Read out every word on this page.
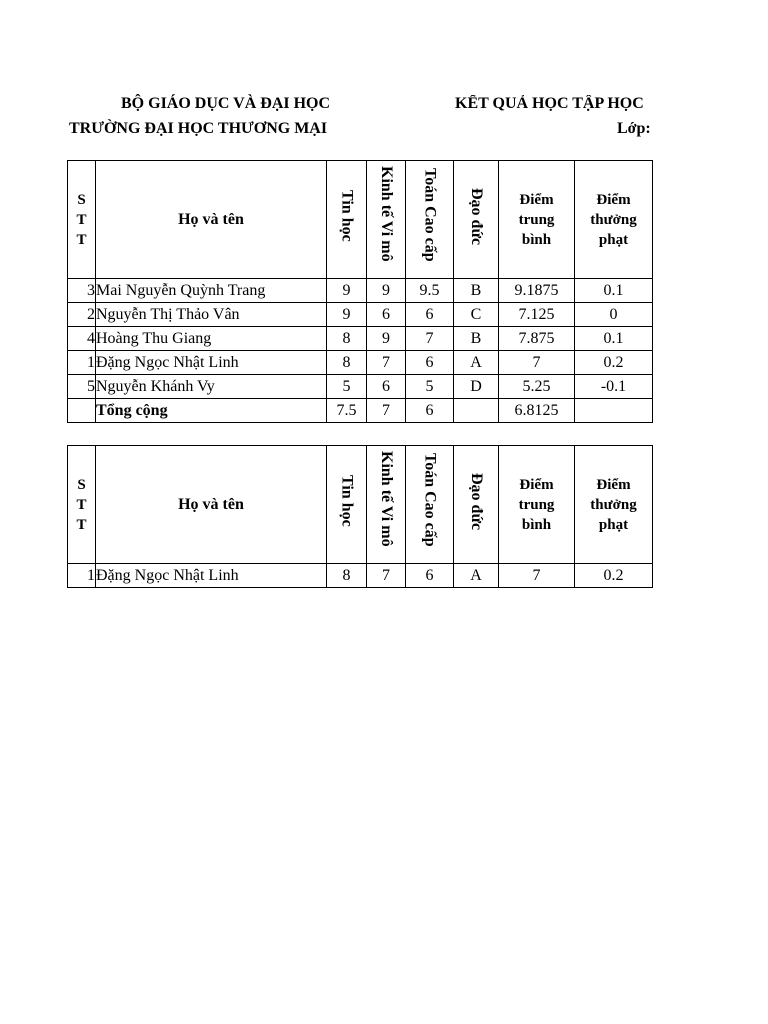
BỘ GIÁO DỤC VÀ ĐẠI HỌC
TRƯỜNG ĐẠI HỌC THƯƠNG MẠI
KẾT QUẢ HỌC TẬP HỌC
Lớp:
S T T	Họ và tên	Tin học	Kinh tế Vi mô	Toán Cao cấp	Đạo đức	Điểm trung bình	Điểm thưởng phạt
3	Mai Nguyễn Quỳnh Trang	9	9	9.5	B	9.1875	0.1
2	Nguyễn Thị Thảo Vân	9	6	6	C	7.125	0
4	Hoàng Thu Giang	8	9	7	B	7.875	0.1
1	Đặng Ngọc Nhật Linh	8	7	6	A	7	0.2
5	Nguyễn Khánh Vy	5	6	5	D	5.25	-0.1
	Tổng cộng	7.5	7	6		6.8125	
S T T	Họ và tên	Tin học	Kinh tế Vi mô	Toán Cao cấp	Đạo đức	Điểm trung bình	Điểm thưởng phạt
1	Đặng Ngọc Nhật Linh	8	7	6	A	7	0.2
